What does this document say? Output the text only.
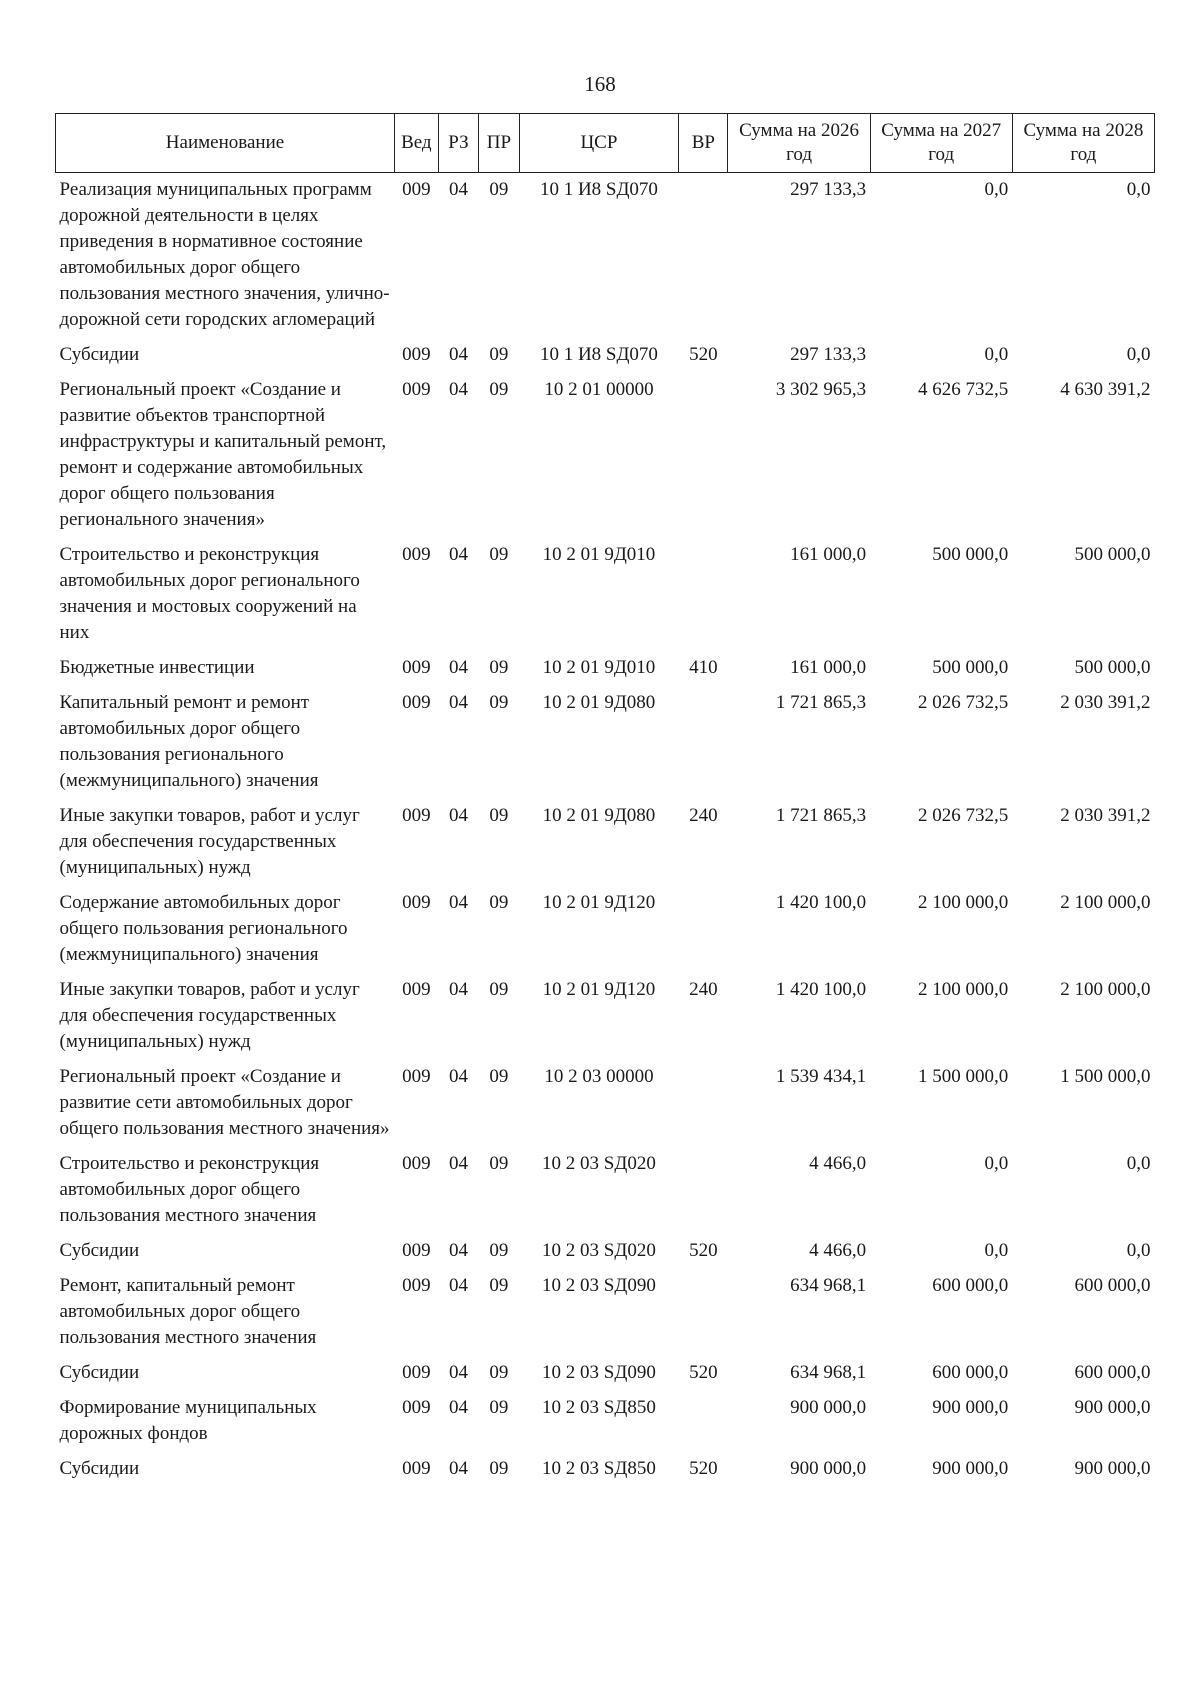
168
Наименование	Вед	РЗ	ПР	ЦСР	ВР	Сумма на 2026 год	Сумма на 2027 год	Сумма на 2028 год
Реализация муниципальных программ дорожной деятельности в целях приведения в нормативное состояние автомобильных дорог общего пользования местного значения, улично-дорожной сети городских агломераций	009	04	09	10 1 И8 SД070		297 133,3	0,0	0,0
Субсидии	009	04	09	10 1 И8 SД070	520	297 133,3	0,0	0,0
Региональный проект «Создание и развитие объектов транспортной инфраструктуры и капитальный ремонт, ремонт и содержание автомобильных дорог общего пользования регионального значения»	009	04	09	10 2 01 00000		3 302 965,3	4 626 732,5	4 630 391,2
Строительство и реконструкция автомобильных дорог регионального значения и мостовых сооружений на них	009	04	09	10 2 01 9Д010		161 000,0	500 000,0	500 000,0
Бюджетные инвестиции	009	04	09	10 2 01 9Д010	410	161 000,0	500 000,0	500 000,0
Капитальный ремонт и ремонт автомобильных дорог общего пользования регионального (межмуниципального) значения	009	04	09	10 2 01 9Д080		1 721 865,3	2 026 732,5	2 030 391,2
Иные закупки товаров, работ и услуг для обеспечения государственных (муниципальных) нужд	009	04	09	10 2 01 9Д080	240	1 721 865,3	2 026 732,5	2 030 391,2
Содержание автомобильных дорог общего пользования регионального (межмуниципального) значения	009	04	09	10 2 01 9Д120		1 420 100,0	2 100 000,0	2 100 000,0
Иные закупки товаров, работ и услуг для обеспечения государственных (муниципальных) нужд	009	04	09	10 2 01 9Д120	240	1 420 100,0	2 100 000,0	2 100 000,0
Региональный проект «Создание и развитие сети автомобильных дорог общего пользования местного значения»	009	04	09	10 2 03 00000		1 539 434,1	1 500 000,0	1 500 000,0
Строительство и реконструкция автомобильных дорог общего пользования местного значения	009	04	09	10 2 03 SД020		4 466,0	0,0	0,0
Субсидии	009	04	09	10 2 03 SД020	520	4 466,0	0,0	0,0
Ремонт, капитальный ремонт автомобильных дорог общего пользования местного значения	009	04	09	10 2 03 SД090		634 968,1	600 000,0	600 000,0
Субсидии	009	04	09	10 2 03 SД090	520	634 968,1	600 000,0	600 000,0
Формирование муниципальных дорожных фондов	009	04	09	10 2 03 SД850		900 000,0	900 000,0	900 000,0
Субсидии	009	04	09	10 2 03 SД850	520	900 000,0	900 000,0	900 000,0
